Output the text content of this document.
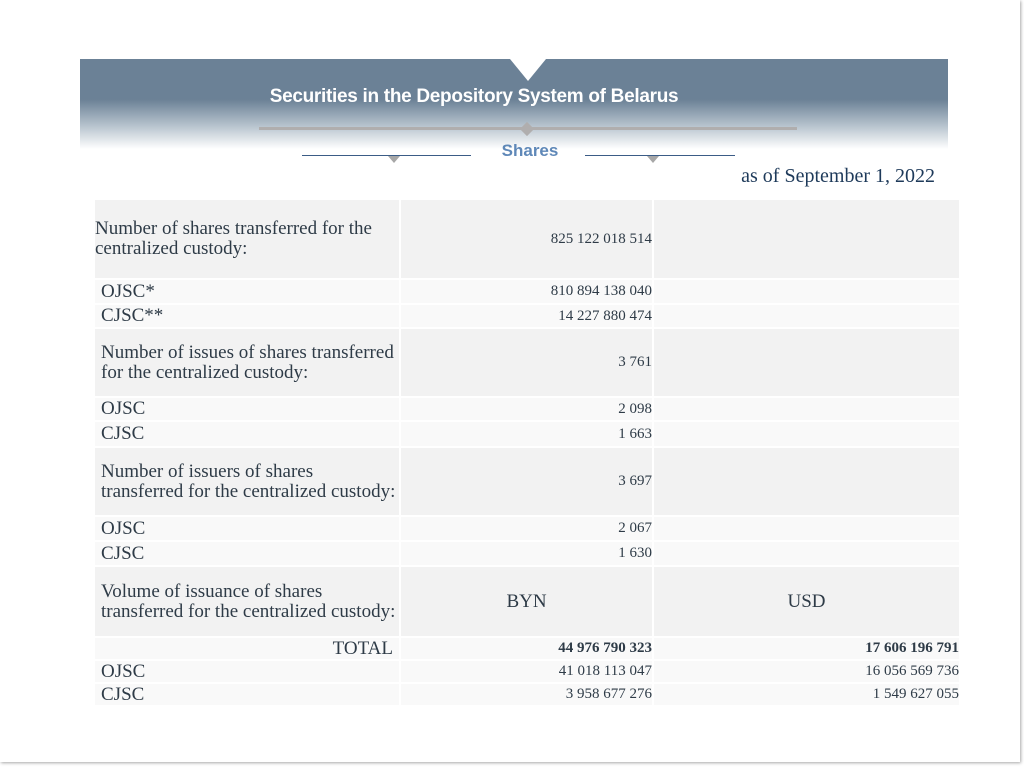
Securities in the Depository System of Belarus
Shares
as of September 1, 2022
Number of shares transferred for the centralized custody:	825 122 018 514	
OJSC*	810 894 138 040	
CJSC**	14 227 880 474	
Number of issues of shares transferred for the centralized custody:	3 761	
OJSC	2 098	
CJSC	1 663	
Number of issuers of shares transferred for the centralized custody:	3 697	
OJSC	2 067	
CJSC	1 630	
Volume of issuance of shares transferred for the centralized custody:	BYN	USD
TOTAL	44 976 790 323	17 606 196 791
OJSC	41 018 113 047	16 056 569 736
CJSC	3 958 677 276	1 549 627 055
